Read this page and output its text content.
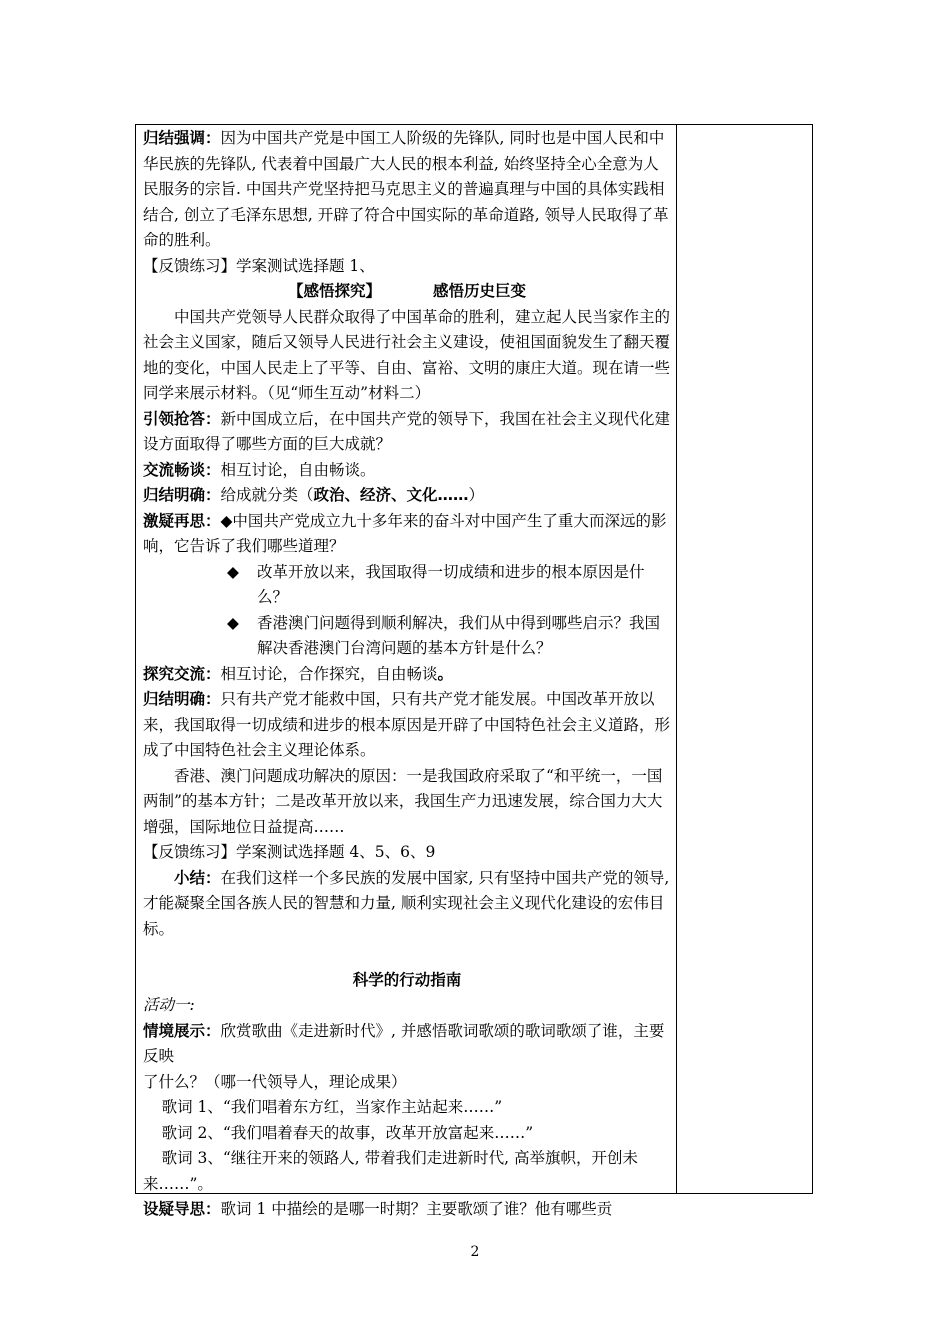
归结强调：因为中国共产党是中国工人阶级的先锋队, 同时也是中国人民和中华民族的先锋队, 代表着中国最广大人民的根本利益, 始终坚持全心全意为人民服务的宗旨. 中国共产党坚持把马克思主义的普遍真理与中国的具体实践相结合, 创立了毛泽东思想, 开辟了符合中国实际的革命道路, 领导人民取得了革命的胜利。

【反馈练习】学案测试选择题 1、

【感悟探究】	感悟历史巨变

中国共产党领导人民群众取得了中国革命的胜利，建立起人民当家作主的社会主义国家，随后又领导人民进行社会主义建设，使祖国面貌发生了翻天覆地的变化，中国人民走上了平等、自由、富裕、文明的康庄大道。现在请一些同学来展示材料。（见“师生互动”材料二）

引领抢答：新中国成立后，在中国共产党的领导下，我国在社会主义现代化建设方面取得了哪些方面的巨大成就？

交流畅谈：相互讨论，自由畅谈。

归结明确：给成就分类（政治、经济、文化……）

激疑再思：◆中国共产党成立九十多年来的奋斗对中国产生了重大而深远的影响，它告诉了我们哪些道理？

◆	改革开放以来，我国取得一切成绩和进步的根本原因是什么？
◆	香港澳门问题得到顺利解决，我们从中得到哪些启示？我国解决香港澳门台湾问题的基本方针是什么？

探究交流：相互讨论，合作探究，自由畅谈。

归结明确：只有共产党才能救中国，只有共产党才能发展。中国改革开放以来，我国取得一切成绩和进步的根本原因是开辟了中国特色社会主义道路，形成了中国特色社会主义理论体系。

香港、澳门问题成功解决的原因：一是我国政府采取了“和平统一，一国两制”的基本方针；二是改革开放以来，我国生产力迅速发展，综合国力大大增强，国际地位日益提高……

【反馈练习】学案测试选择题 4、5、6、9

小结：在我们这样一个多民族的发展中国家, 只有坚持中国共产党的领导, 才能凝聚全国各族人民的智慧和力量, 顺利实现社会主义现代化建设的宏伟目标。

科学的行动指南

活动一:

情境展示：欣赏歌曲《走进新时代》, 并感悟歌词歌颂的歌词歌颂了谁，主要反映

了什么？（哪一代领导人，理论成果）

歌词 1、“我们唱着东方红，当家作主站起来……”

歌词 2、“我们唱着春天的故事，改革开放富起来……”

歌词 3、“继往开来的领路人, 带着我们走进新时代, 高举旗帜，开创未来……”。

设疑导思：歌词 1 中描绘的是哪一时期？主要歌颂了谁？他有哪些贡

2
